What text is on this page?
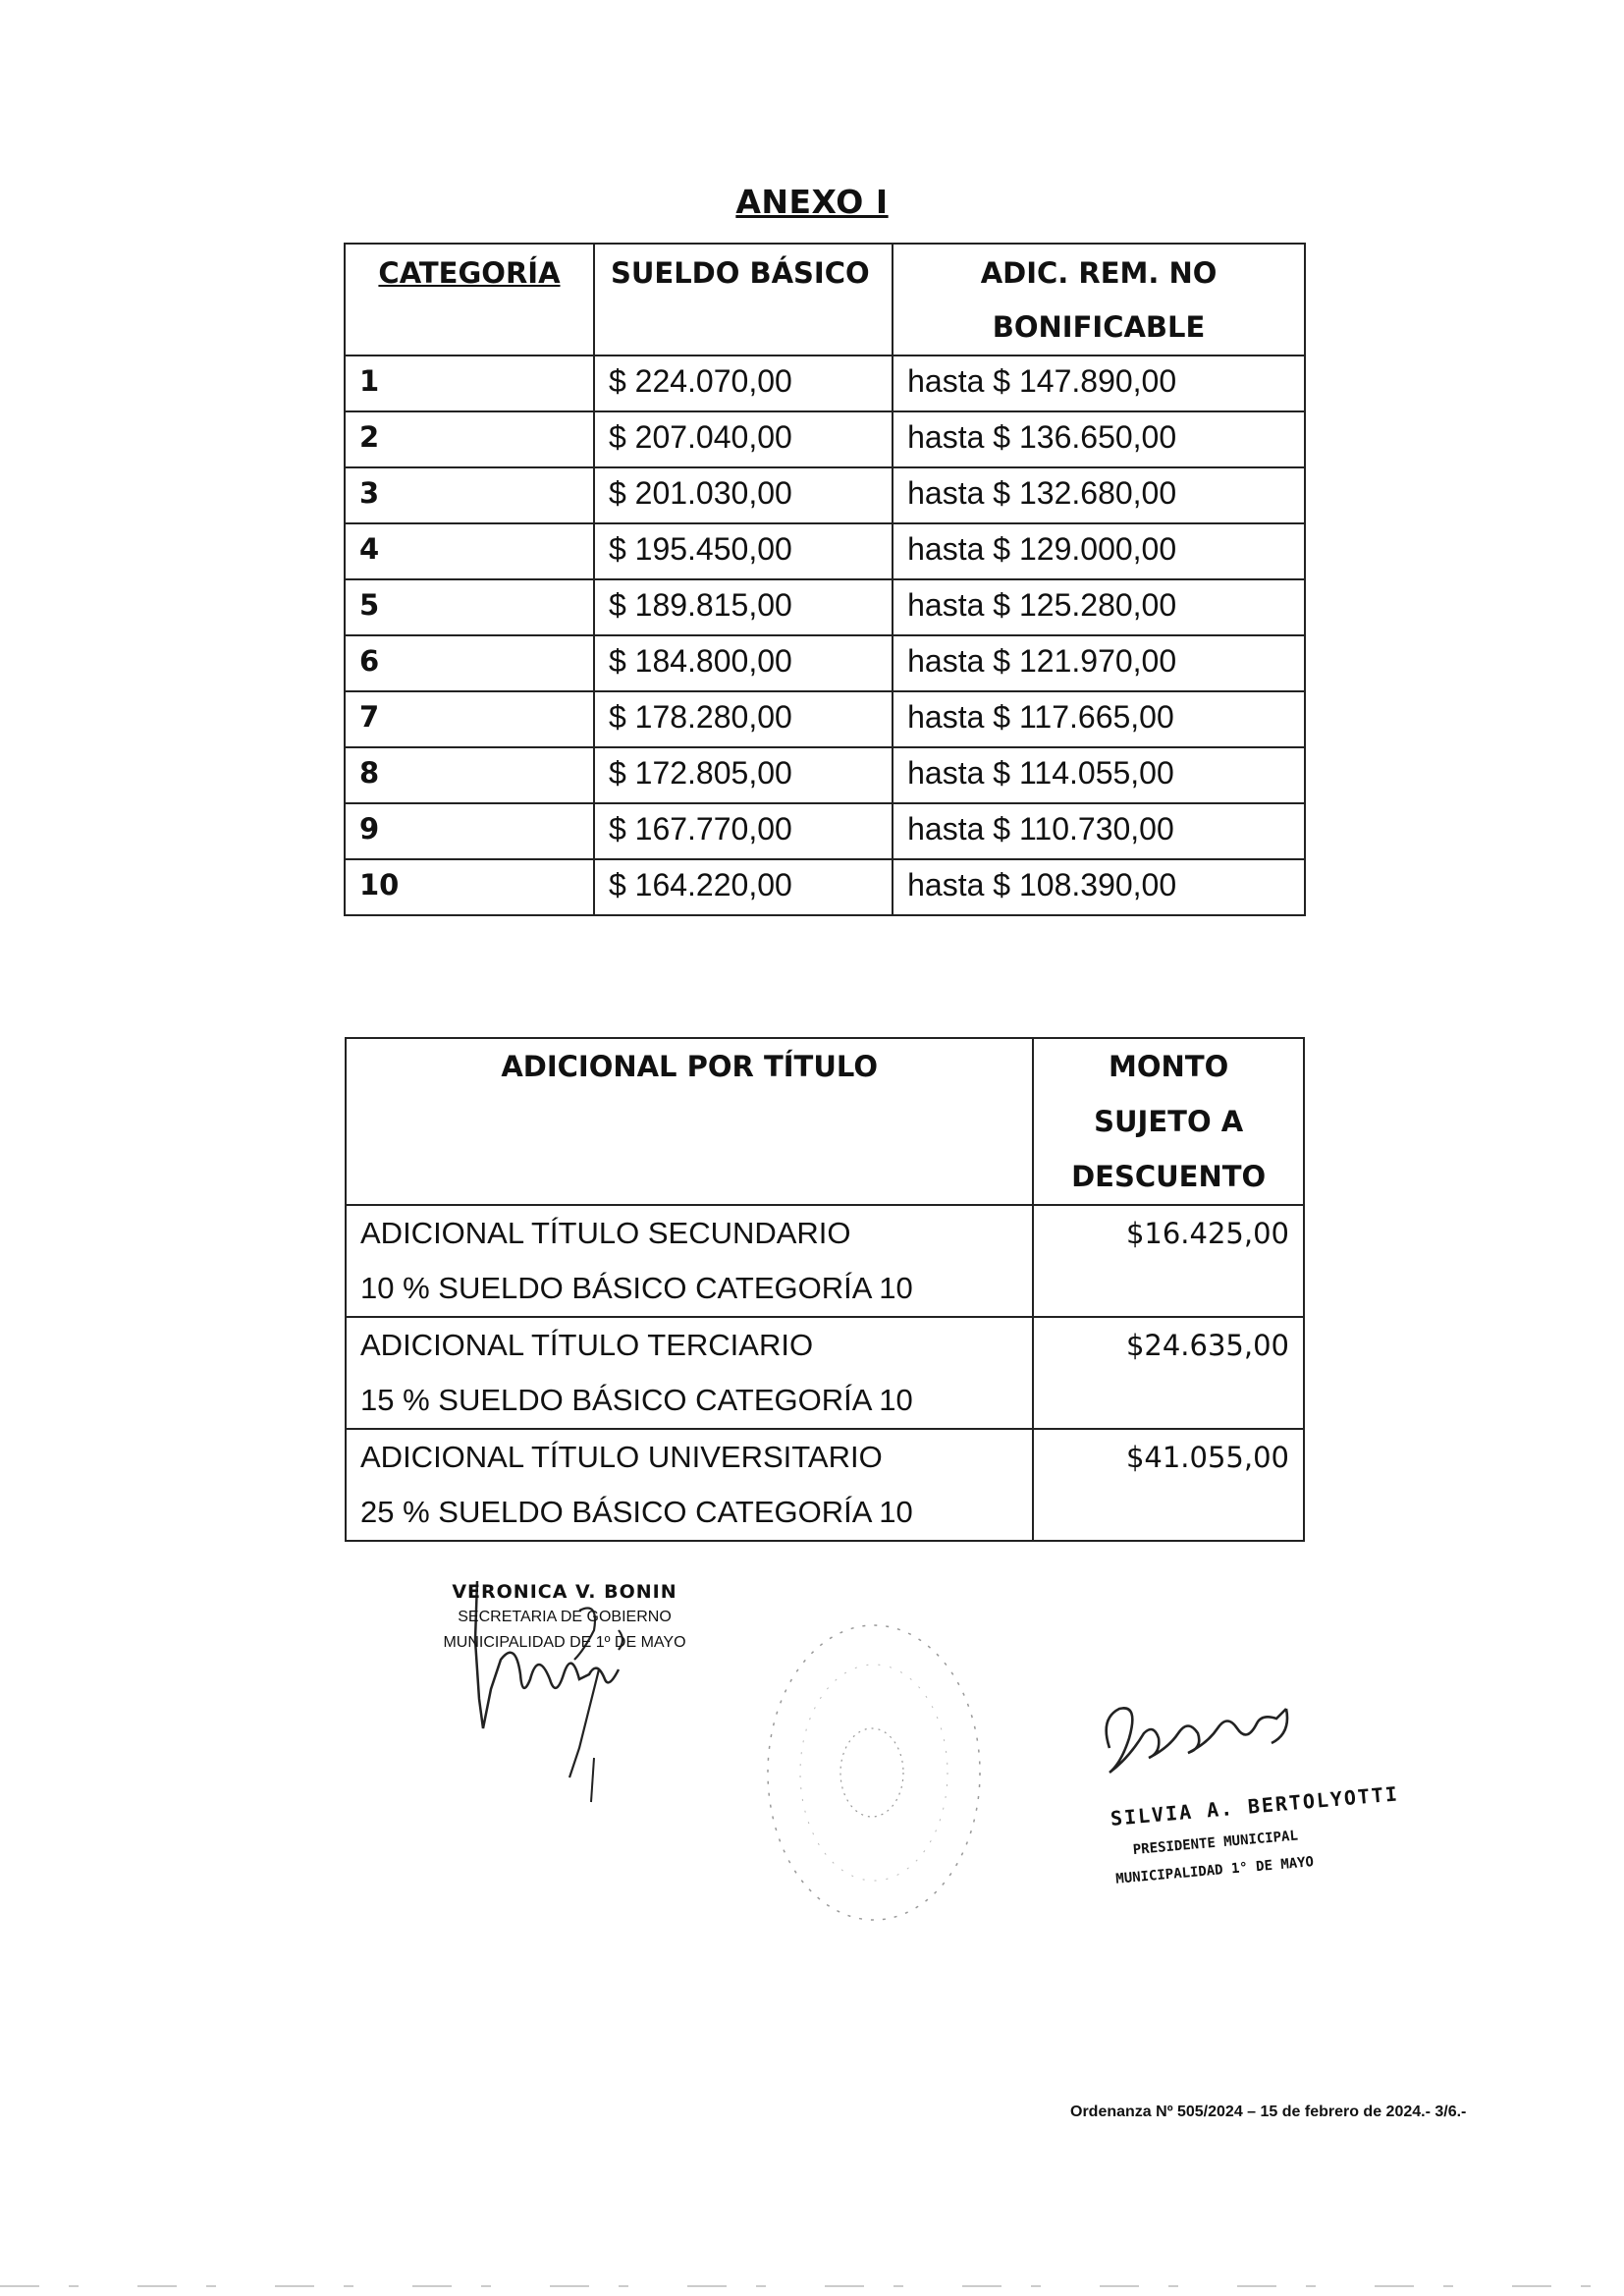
ANEXO I
CATEGORÍA	SUELDO BÁSICO	ADIC. REM. NO
BONIFICABLE

1	$ 224.070,00	hasta $ 147.890,00
2	$ 207.040,00	hasta $ 136.650,00
3	$ 201.030,00	hasta $ 132.680,00
4	$ 195.450,00	hasta $ 129.000,00
5	$ 189.815,00	hasta $ 125.280,00
6	$ 184.800,00	hasta $ 121.970,00
7	$ 178.280,00	hasta $ 117.665,00
8	$ 172.805,00	hasta $ 114.055,00
9	$ 167.770,00	hasta $ 110.730,00
10	$ 164.220,00	hasta $ 108.390,00
ADICIONAL POR TÍTULO	MONTO
SUJETO A
DESCUENTO

ADICIONAL TÍTULO SECUNDARIO
10 % SUELDO BÁSICO CATEGORÍA 10	$16.425,00

ADICIONAL TÍTULO TERCIARIO
15 % SUELDO BÁSICO CATEGORÍA 10	$24.635,00

ADICIONAL TÍTULO UNIVERSITARIO
25 % SUELDO BÁSICO CATEGORÍA 10	$41.055,00
VERONICA V. BONIN
SECRETARIA DE GOBIERNO
MUNICIPALIDAD DE 1º DE MAYO
SILVIA A. BERTOLYOTTI
PRESIDENTE MUNICIPAL
MUNICIPALIDAD 1° DE MAYO
Ordenanza Nº 505/2024 – 15 de febrero de 2024.- 3/6.-
